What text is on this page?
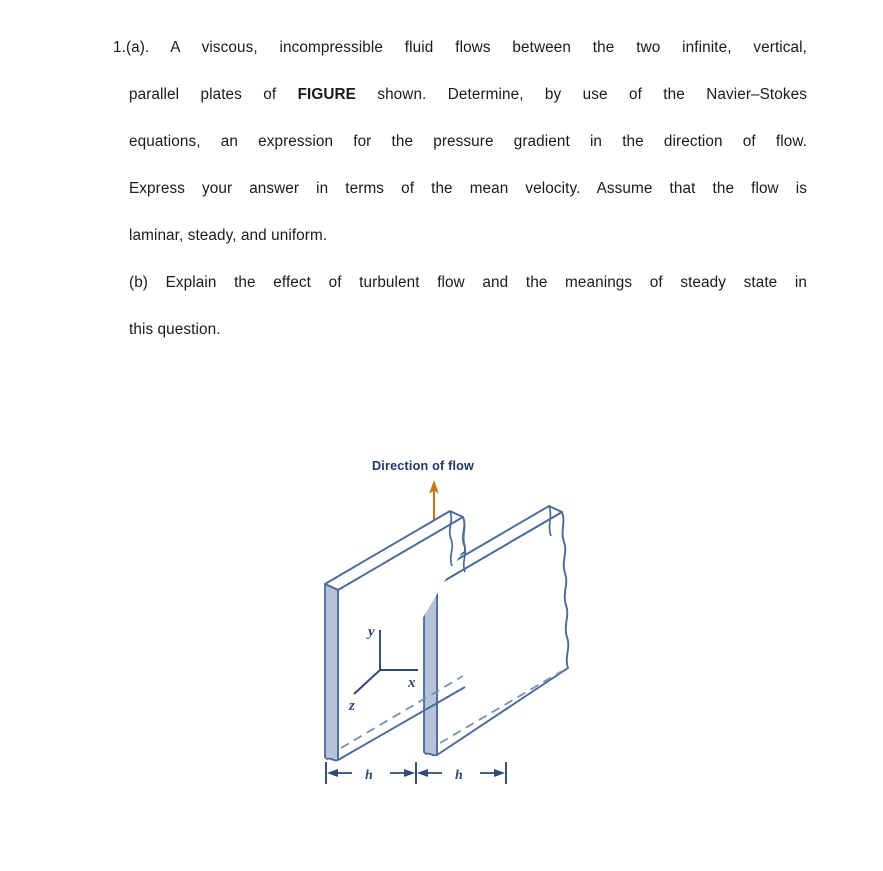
1.(a). A viscous, incompressible fluid flows between the two infinite, vertical,
parallel plates of FIGURE shown. Determine, by use of the Navier–Stokes
equations, an expression for the pressure gradient in the direction of flow.
Express your answer in terms of the mean velocity. Assume that the flow is
laminar, steady, and uniform.
(b) Explain the effect of turbulent flow and the meanings of steady state in
this question.
Direction of flow
y
x
z
h	h
